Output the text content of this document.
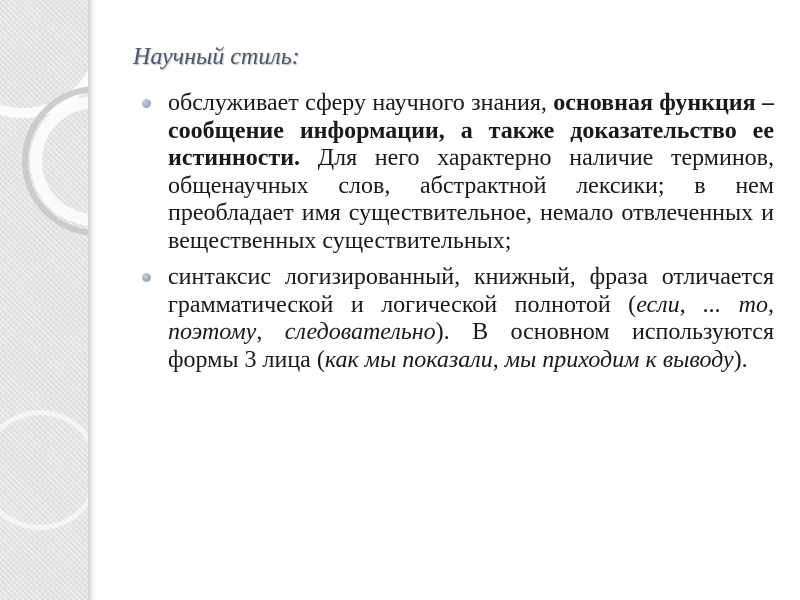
Научный стиль:
обслуживает сферу научного знания, основная функция – сообщение информации, а также доказательство ее истинности. Для него характерно наличие терминов, общенаучных слов, абстрактной лексики; в нем преобладает имя существительное, немало отвлеченных и вещественных существительных;
синтаксис логизированный, книжный, фраза отличается грамматической и логической полнотой (если, ... то, поэтому, следовательно). В основном используются формы 3 лица (как мы показали, мы приходим к выводу).
